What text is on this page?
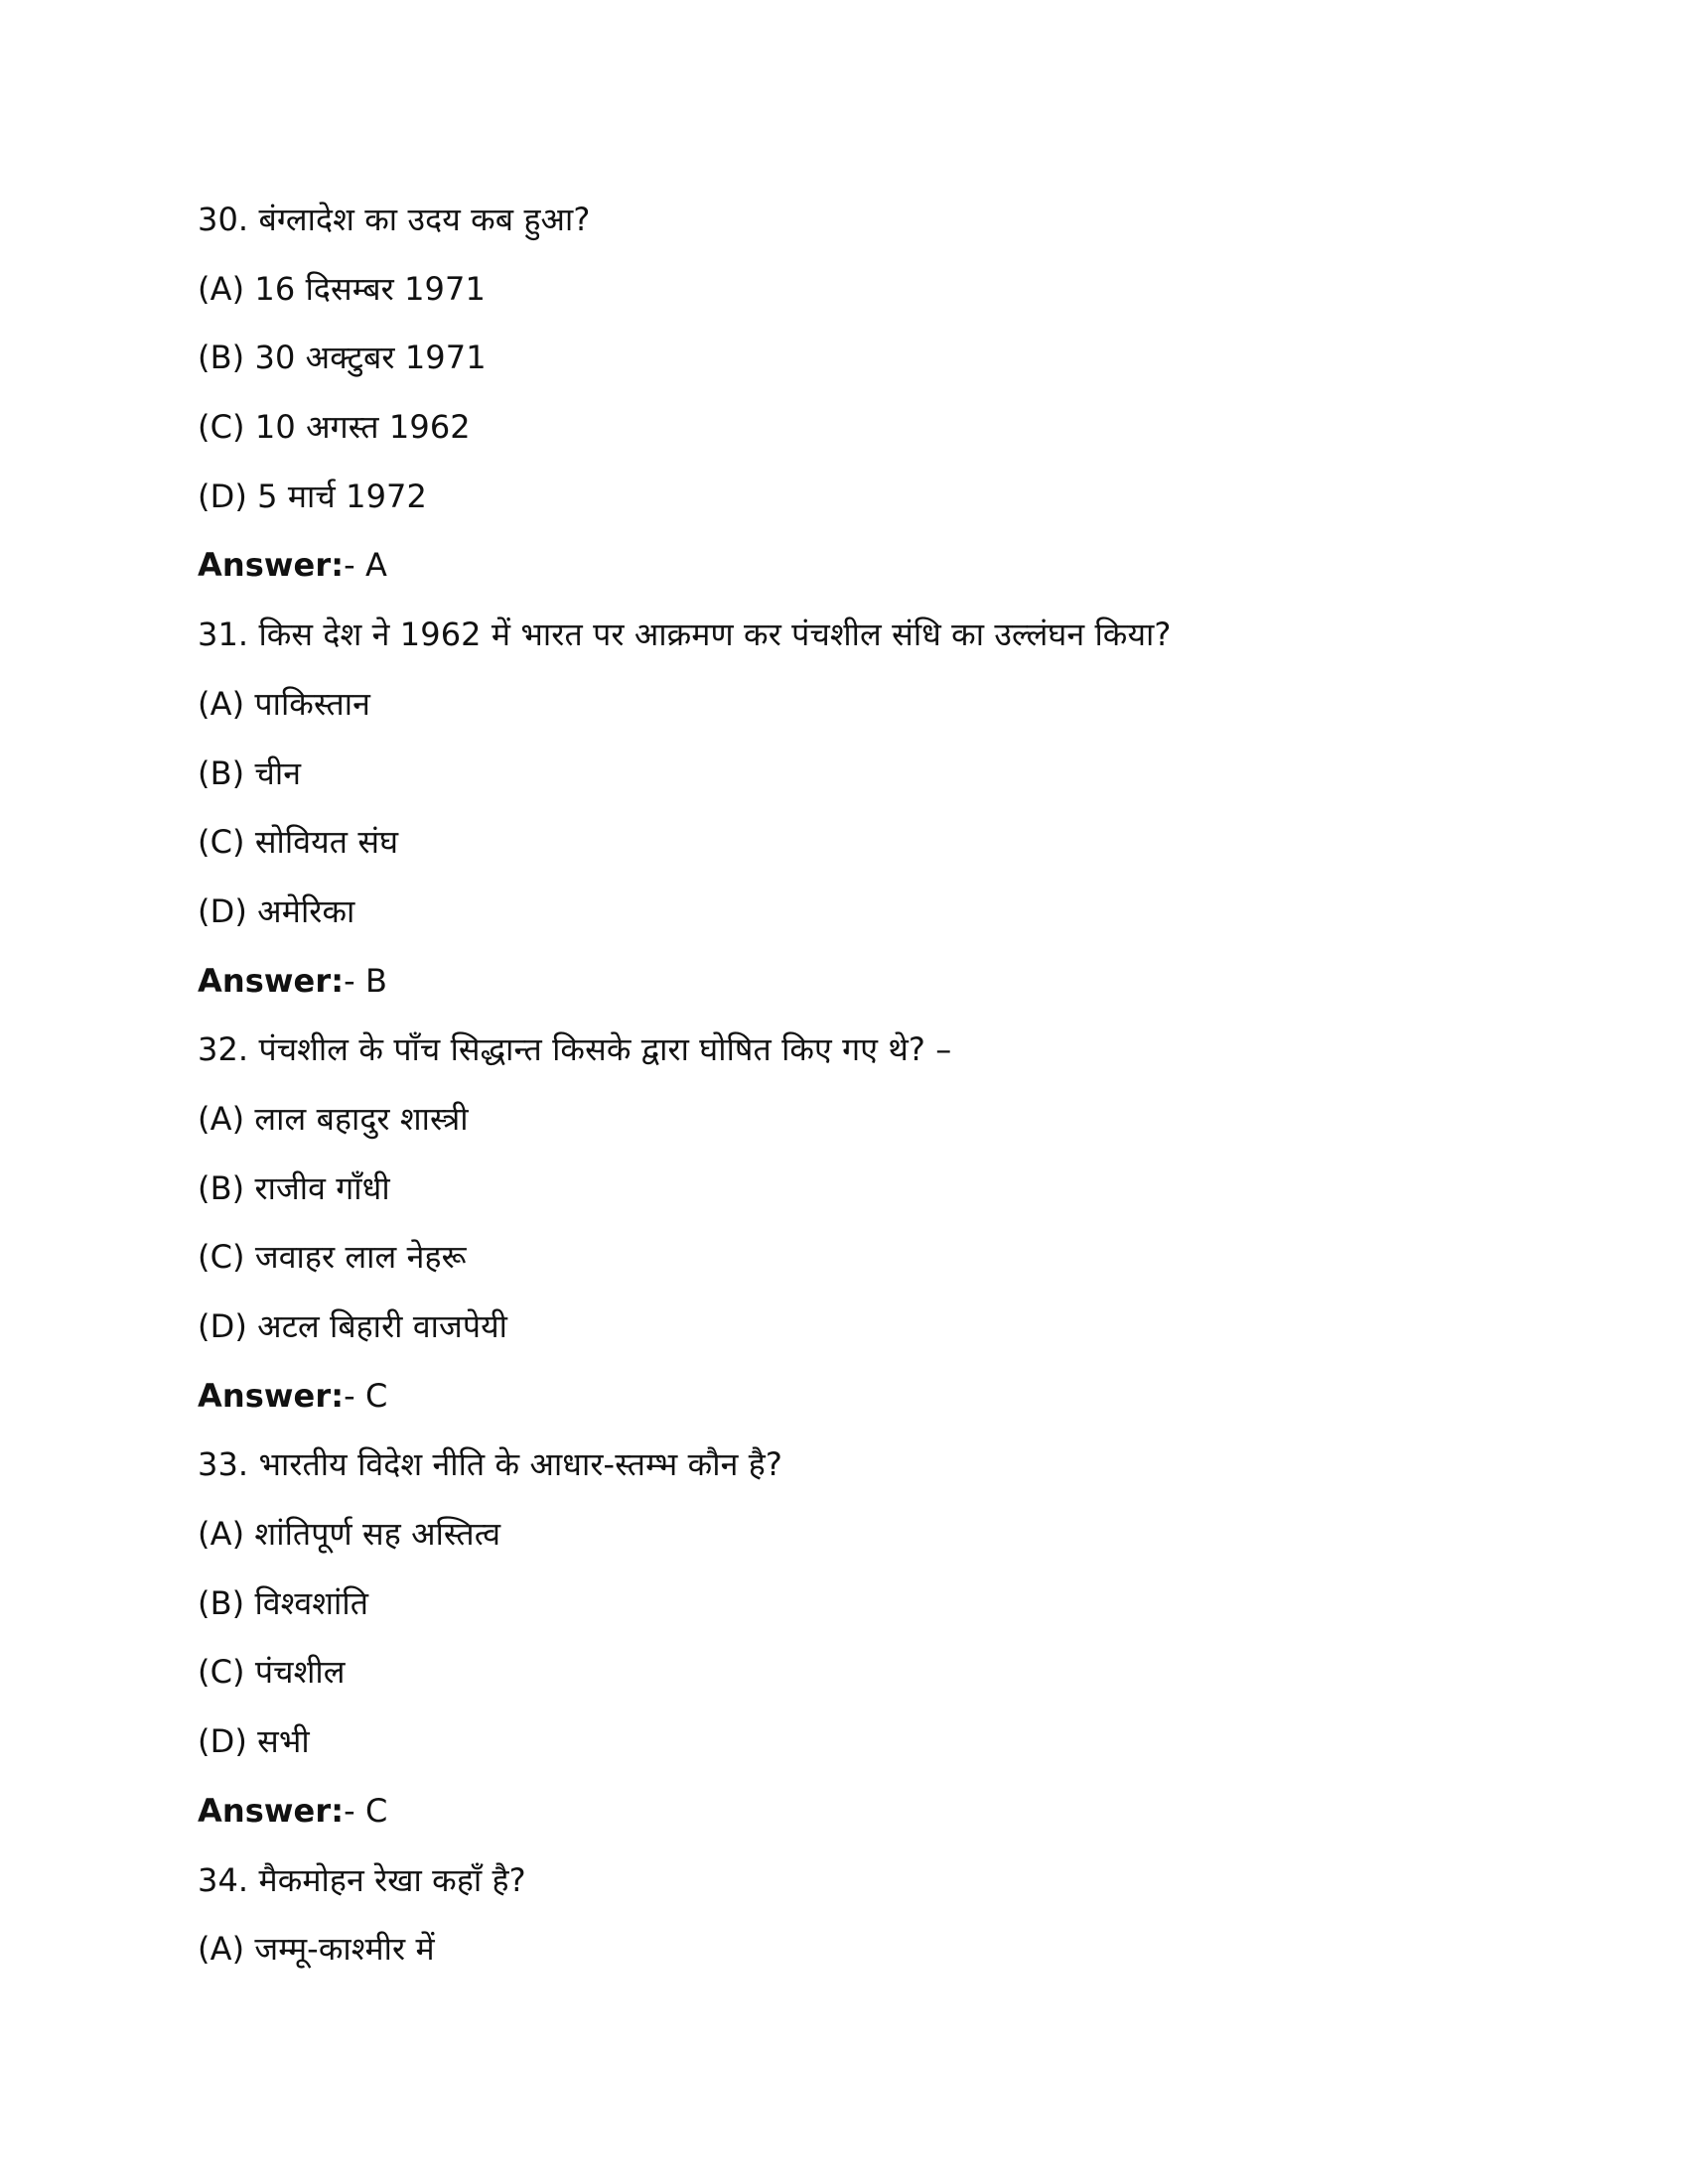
30. बंग्लादेश का उदय कब हुआ?
(A) 16 दिसम्बर 1971
(B) 30 अक्टुबर 1971
(C) 10 अगस्त 1962
(D) 5 मार्च 1972
Answer:- A
31. किस देश ने 1962 में भारत पर आक्रमण कर पंचशील संधि का उल्लंघन किया?
(A) पाकिस्तान
(B) चीन
(C) सोवियत संघ
(D) अमेरिका
Answer:- B
32. पंचशील के पाँच सिद्धान्त किसके द्वारा घोषित किए गए थे? –
(A) लाल बहादुर शास्त्री
(B) राजीव गाँधी
(C) जवाहर लाल नेहरू
(D) अटल बिहारी वाजपेयी
Answer:- C
33. भारतीय विदेश नीति के आधार-स्तम्भ कौन है?
(A) शांतिपूर्ण सह अस्तित्व
(B) विश्वशांति
(C) पंचशील
(D) सभी
Answer:- C
34. मैकमोहन रेखा कहाँ है?
(A) जम्मू-काश्मीर में
